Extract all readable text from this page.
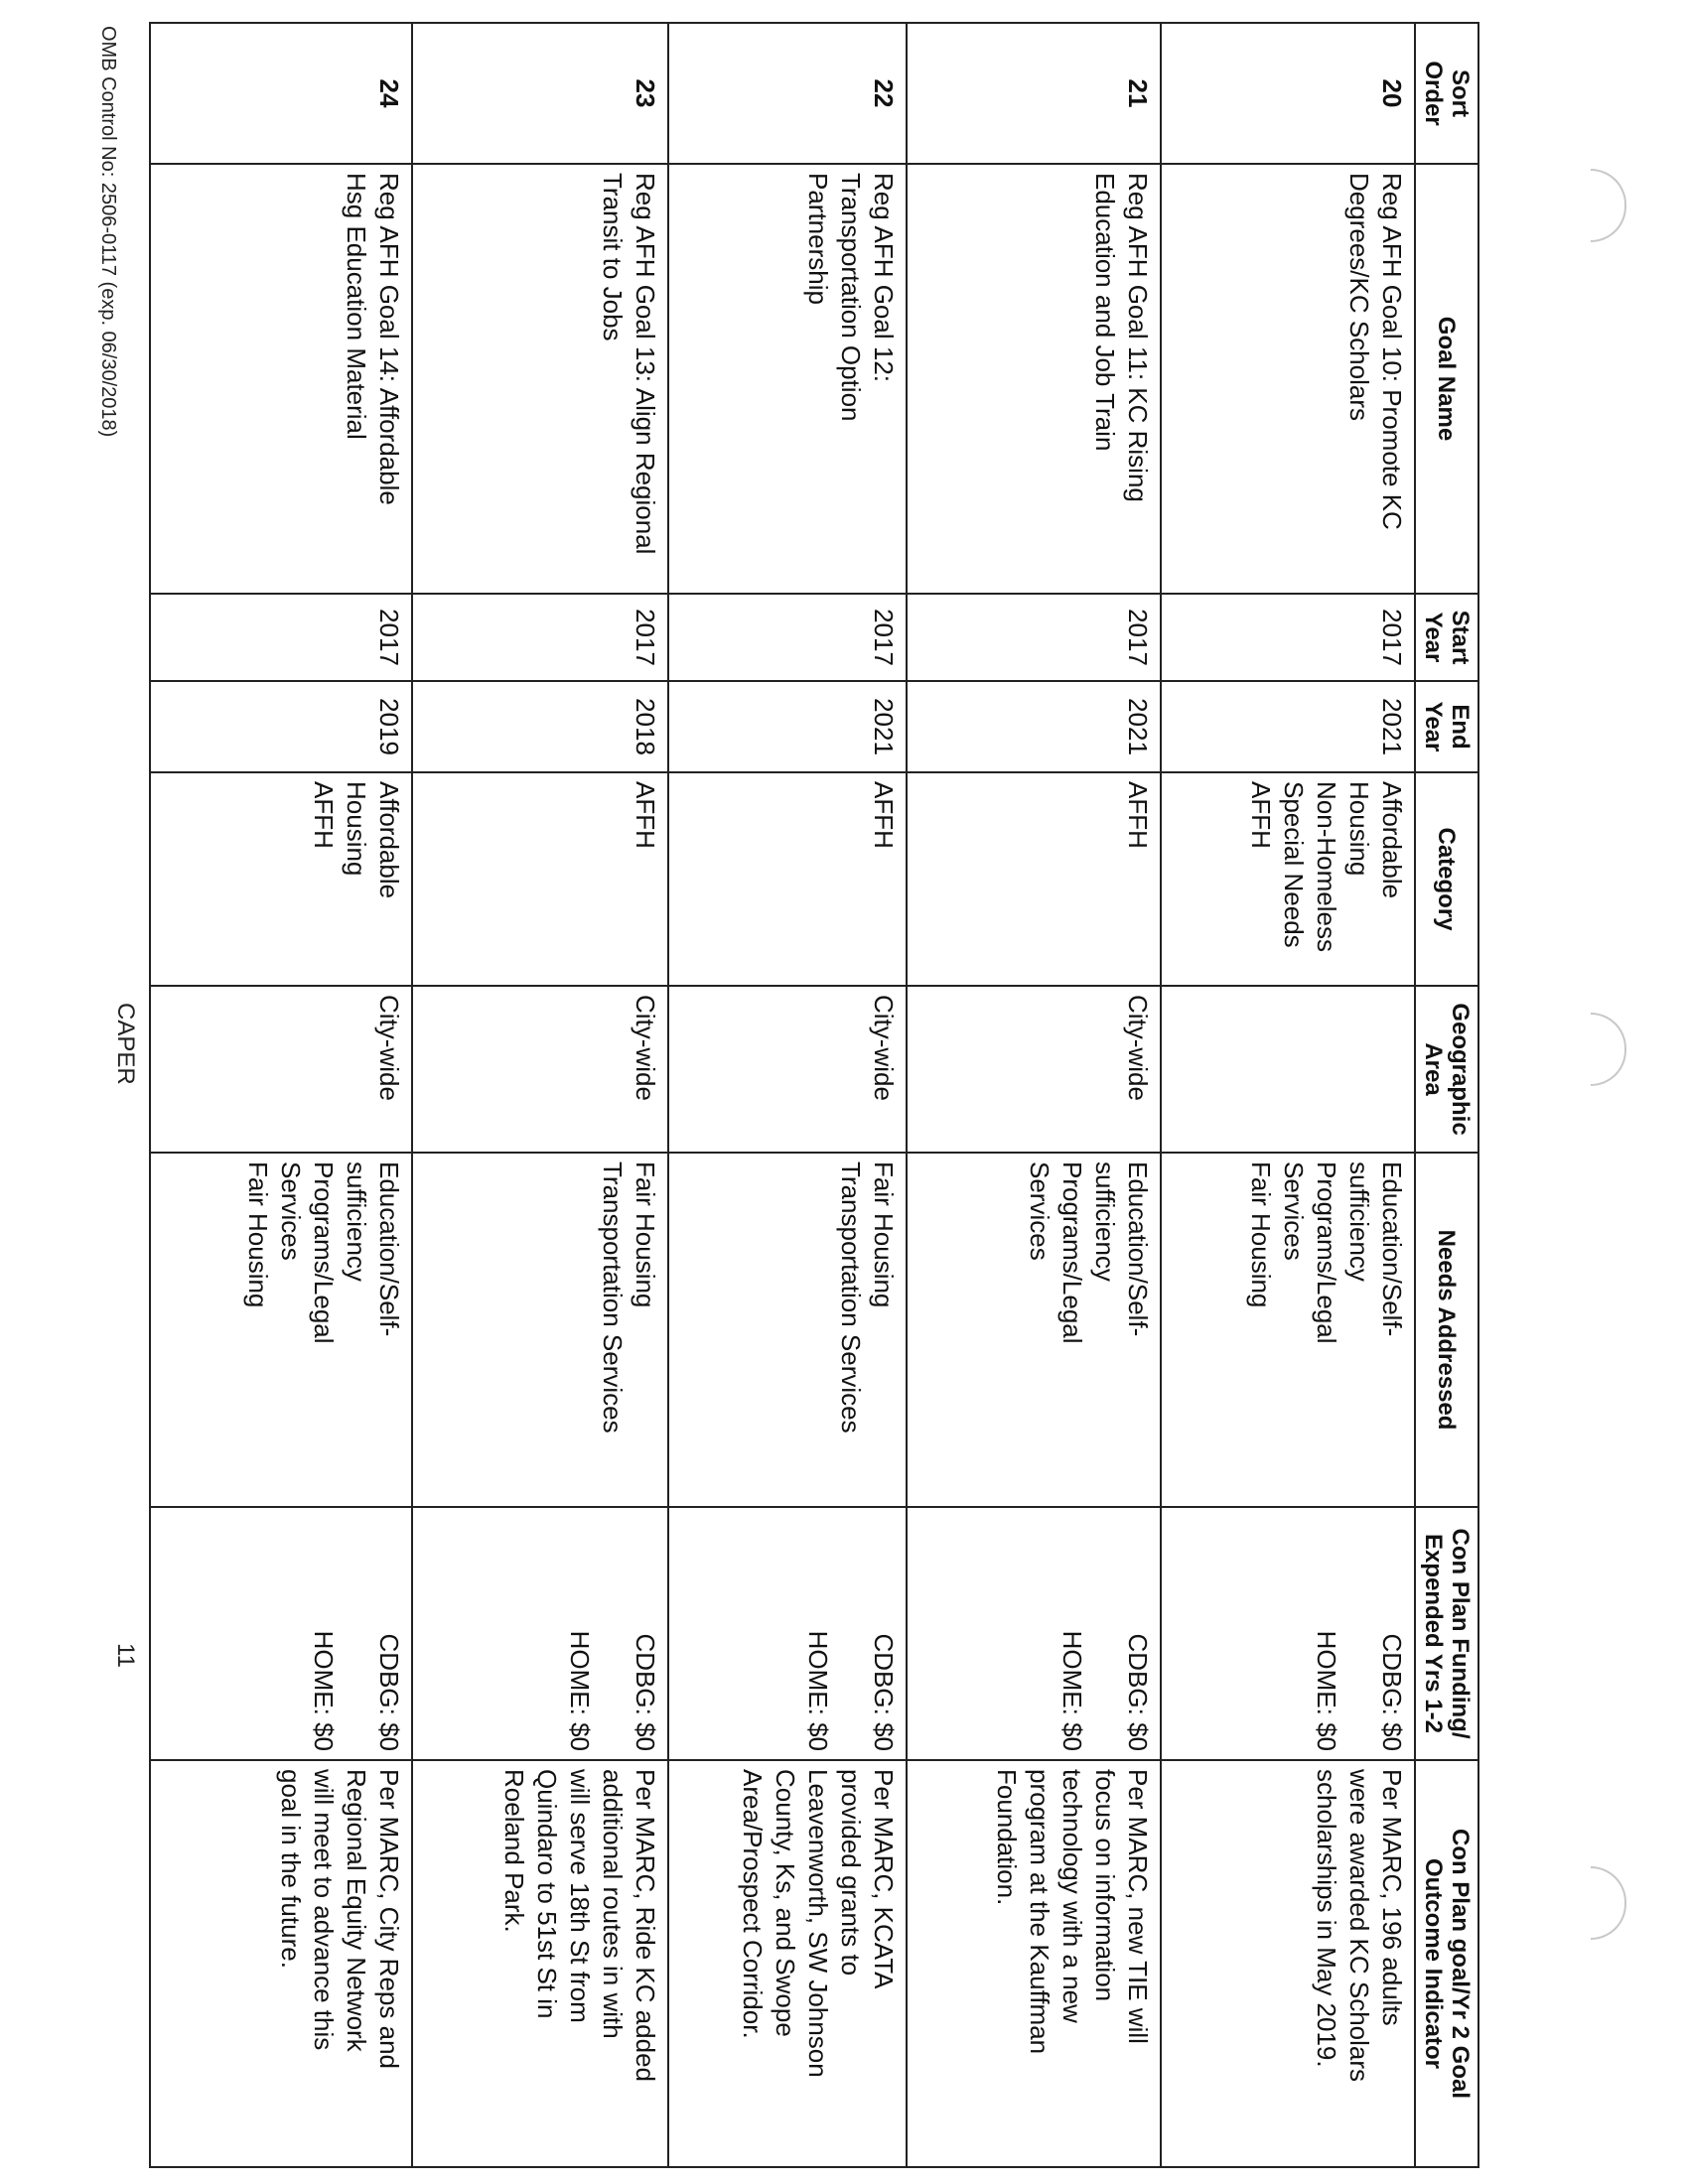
Sort
Order	Goal Name	Start
Year	End
Year	Category	Geographic
Area	Needs Addressed	Con Plan Funding/
Expended Yrs 1-2	Con Plan goal/Yr 2 Goal
Outcome Indicator

20	Reg AFH Goal 10: Promote KC
Degrees/KC Scholars	2017	2021	Affordable
Housing
Non-Homeless
Special Needs
AFFH		Education/Self-
sufficiency
Programs/Legal
Services
Fair Housing	CDBG: $0
HOME: $0	Per MARC, 196 adults
were awarded KC Scholars
scholarships in May 2019.

21	Reg AFH Goal 11: KC Rising
Education and Job Train	2017	2021	AFFH	City-wide	Education/Self-
sufficiency
Programs/Legal
Services	CDBG: $0
HOME: $0	Per MARC, new TIE will
focus on information
technology with a new
program at the Kauffman
Foundation.

22	Reg AFH Goal 12:
Transportation Option
Partnership	2017	2021	AFFH	City-wide	Fair Housing
Transportation Services	CDBG: $0
HOME: $0	Per MARC, KCATA
provided grants to
Leavenworth, SW Johnson
County, Ks, and Swope
Area/Prospect Corridor.

23	Reg AFH Goal 13: Align Regional
Transit to Jobs	2017	2018	AFFH	City-wide	Fair Housing
Transportation Services	CDBG: $0
HOME: $0	Per MARC, Ride KC added
additional routes in with
will serve 18th St from
Quindaro to 51st St in
Roeland Park.

24	Reg AFH Goal 14: Affordable
Hsg Education Material	2017	2019	Affordable
Housing
AFFH	City-wide	Education/Self-
sufficiency
Programs/Legal
Services
Fair Housing	CDBG: $0
HOME: $0	Per MARC, City Reps and
Regional Equity Network
will meet to advance this
goal in the future.
OMB Control No: 2506-0117 (exp. 06/30/2018)
CAPER
11
